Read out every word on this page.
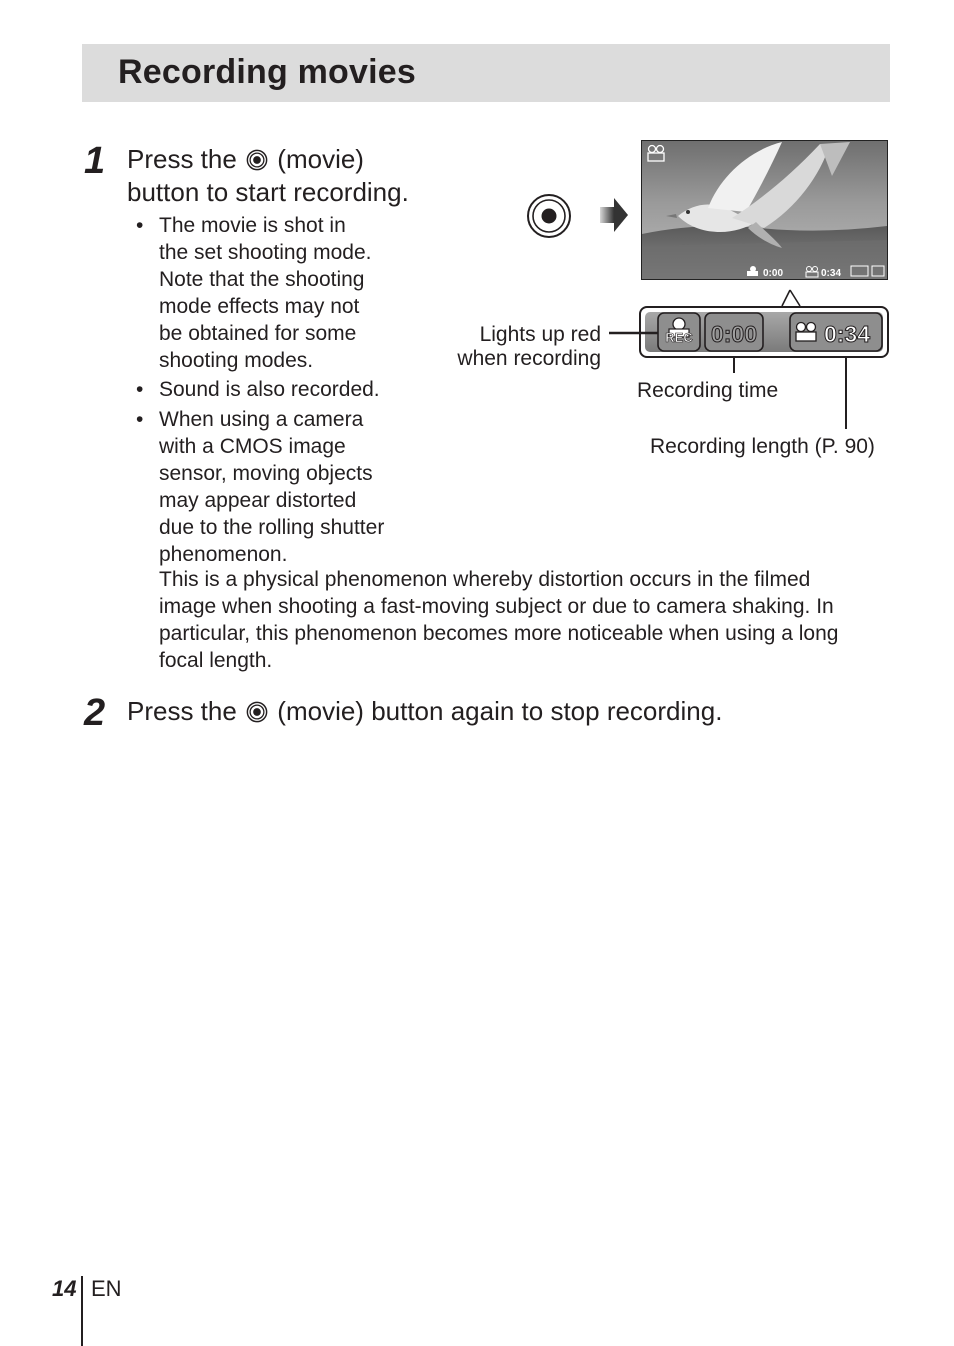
Recording movies
1 Press the (movie)
button to start recording.
• The movie is shot in
the set shooting mode.
Note that the shooting
mode effects may not
be obtained for some
shooting modes.
• Sound is also recorded.
• When using a camera
with a CMOS image
sensor, moving objects
may appear distorted
due to the rolling shutter
phenomenon.
This is a physical phenomenon whereby distortion occurs in the filmed
image when shooting a fast-moving subject or due to camera shaking. In
particular, this phenomenon becomes more noticeable when using a long
focal length.
0:00	0:34
REC 0:00	0:34
Lights up red
when recording
Recording time
Recording length (P. 90)
2 Press the (movie) button again to stop recording.
14 EN
